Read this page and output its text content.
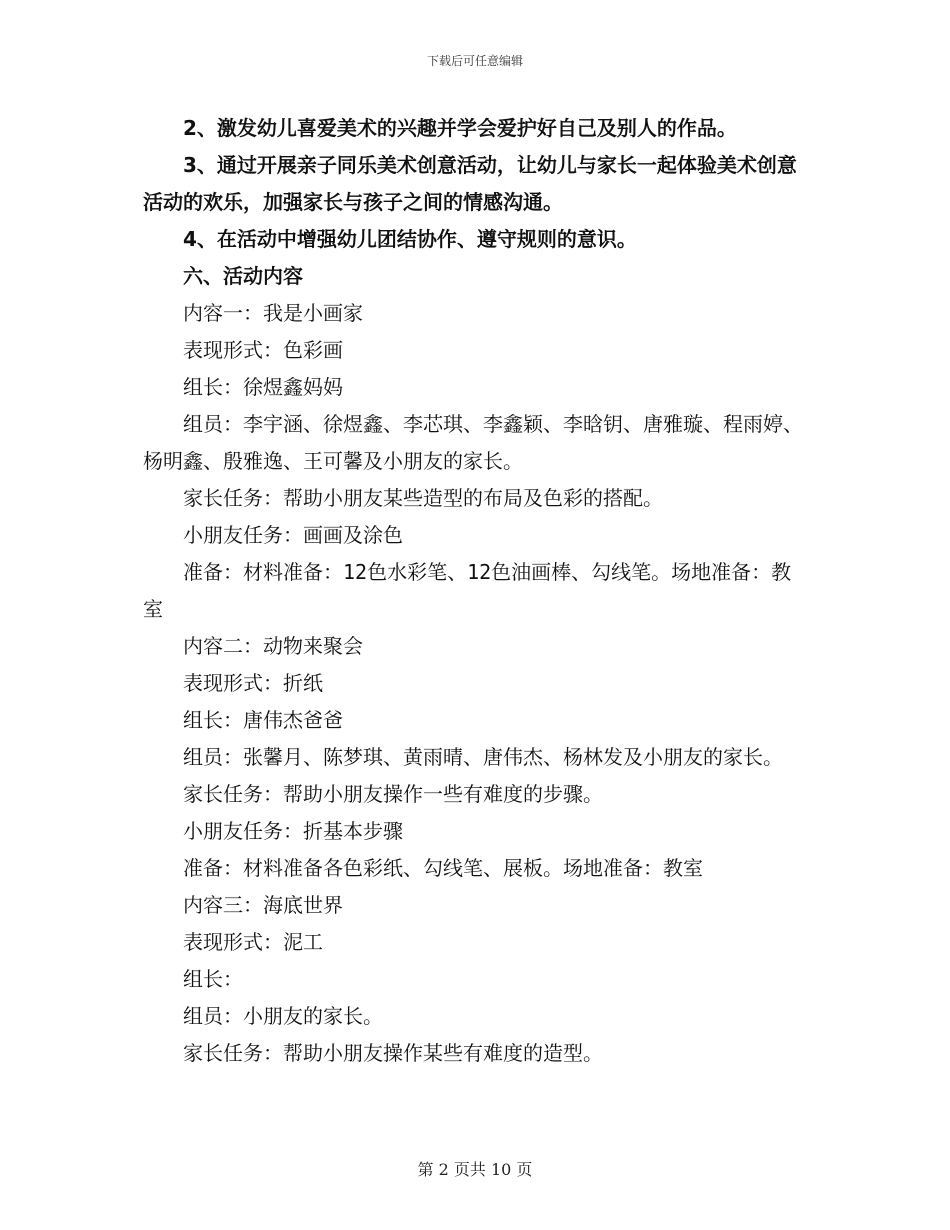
下载后可任意编辑

2、激发幼儿喜爱美术的兴趣并学会爱护好自己及别人的作品。

3、通过开展亲子同乐美术创意活动，让幼儿与家长一起体验美术创意活动的欢乐，加强家长与孩子之间的情感沟通。

4、在活动中增强幼儿团结协作、遵守规则的意识。

六、活动内容

内容一：我是小画家

表现形式：色彩画

组长：徐煜鑫妈妈

组员：李宇涵、徐煜鑫、李芯琪、李鑫颖、李晗钥、唐雅璇、程雨婷、杨明鑫、殷雅逸、王可馨及小朋友的家长。

家长任务：帮助小朋友某些造型的布局及色彩的搭配。

小朋友任务：画画及涂色

准备：材料准备：12色水彩笔、12色油画棒、勾线笔。场地准备：教室

内容二：动物来聚会

表现形式：折纸

组长：唐伟杰爸爸

组员：张馨月、陈梦琪、黄雨晴、唐伟杰、杨林发及小朋友的家长。

家长任务：帮助小朋友操作一些有难度的步骤。

小朋友任务：折基本步骤

准备：材料准备各色彩纸、勾线笔、展板。场地准备：教室

内容三：海底世界

表现形式：泥工

组长：

组员：小朋友的家长。

家长任务：帮助小朋友操作某些有难度的造型。

第 2 页共 10 页
